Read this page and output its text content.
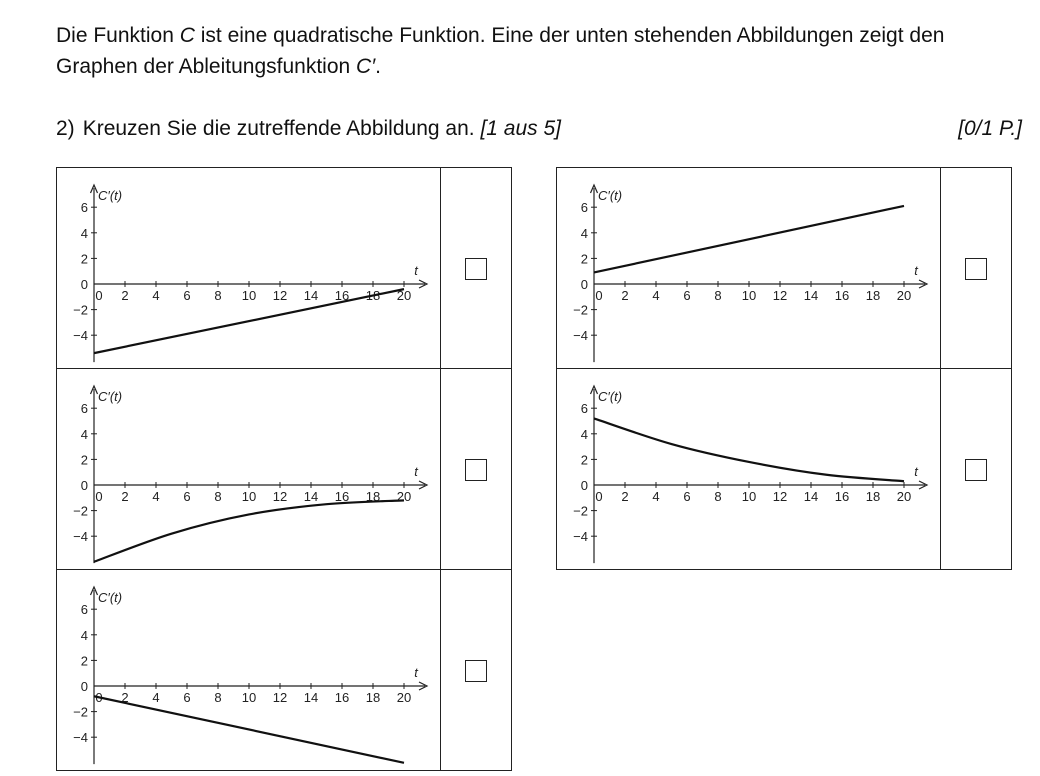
Die Funktion C ist eine quadratische Funktion. Eine der unten stehenden Abbildungen zeigt den Graphen der Ableitungsfunktion C′.

2) Kreuzen Sie die zutreffende Abbildung an. [1 aus 5]	[0/1 P.]
C′(t)
t
0 2 4 6 8 10 12 14 16 18 20
6
4
2
0
−2
−4
C′(t)
t
0 2 4 6 8 10 12 14 16 18 20
6
4
2
0
−2
−4
C′(t)
t
0 2 4 6 8 10 12 14 16 18 20
6
4
2
0
−2
−4
C′(t)
t
0 2 4 6 8 10 12 14 16 18 20
6
4
2
0
−2
−4
C′(t)
t
0 2 4 6 8 10 12 14 16 18 20
6
4
2
0
−2
−4
